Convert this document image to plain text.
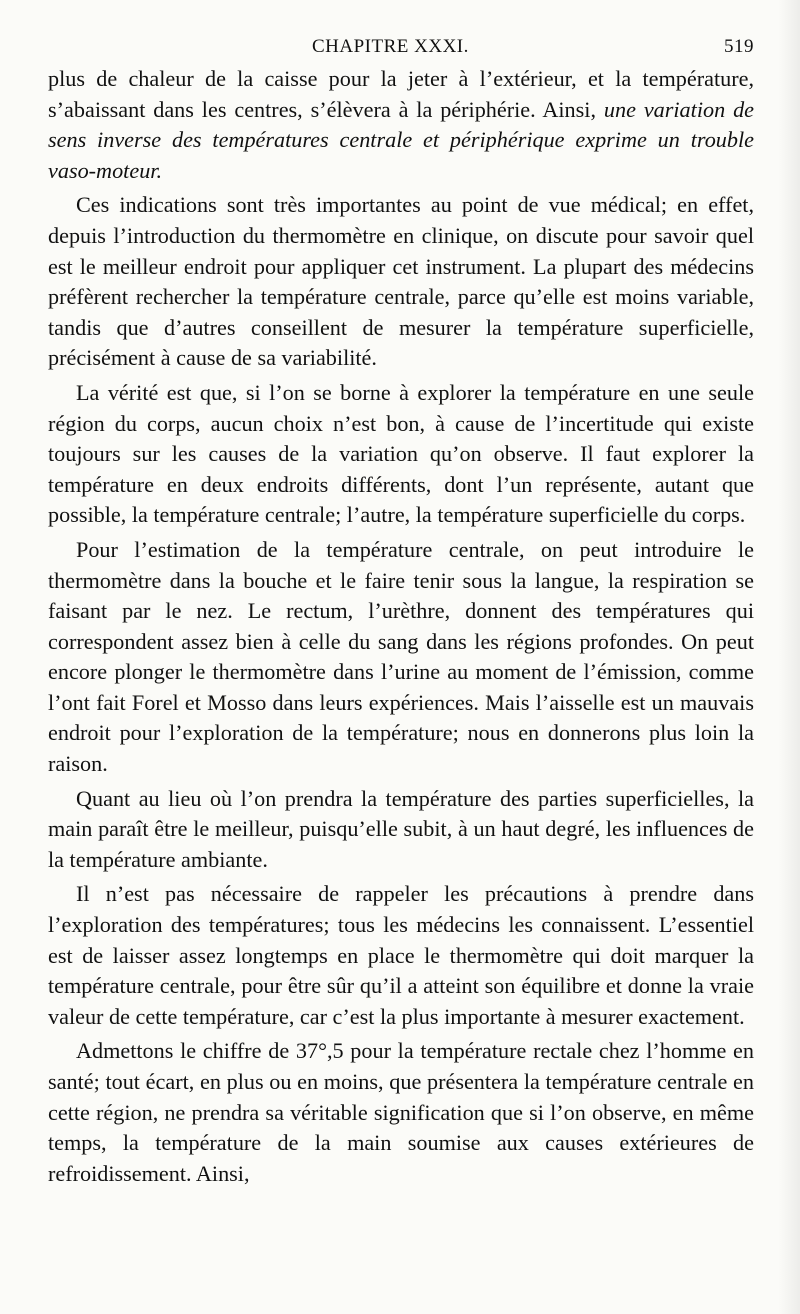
CHAPITRE XXXI.	519

plus de chaleur de la caisse pour la jeter à l’extérieur, et la température, s’abaissant dans les centres, s’élèvera à la périphérie. Ainsi, une variation de sens inverse des températures centrale et périphérique exprime un trouble vaso-moteur.

Ces indications sont très importantes au point de vue médical; en effet, depuis l’introduction du thermomètre en clinique, on discute pour savoir quel est le meilleur endroit pour appliquer cet instrument. La plupart des médecins préfèrent rechercher la température centrale, parce qu’elle est moins variable, tandis que d’autres conseillent de mesurer la température superficielle, précisément à cause de sa variabilité.

La vérité est que, si l’on se borne à explorer la température en une seule région du corps, aucun choix n’est bon, à cause de l’incertitude qui existe toujours sur les causes de la variation qu’on observe. Il faut explorer la température en deux endroits différents, dont l’un représente, autant que possible, la température centrale; l’autre, la température superficielle du corps.

Pour l’estimation de la température centrale, on peut introduire le thermomètre dans la bouche et le faire tenir sous la langue, la respiration se faisant par le nez. Le rectum, l’urèthre, donnent des températures qui correspondent assez bien à celle du sang dans les régions profondes. On peut encore plonger le thermomètre dans l’urine au moment de l’émission, comme l’ont fait Forel et Mosso dans leurs expériences. Mais l’aisselle est un mauvais endroit pour l’exploration de la température; nous en donnerons plus loin la raison.

Quant au lieu où l’on prendra la température des parties superficielles, la main paraît être le meilleur, puisqu’elle subit, à un haut degré, les influences de la température ambiante.

Il n’est pas nécessaire de rappeler les précautions à prendre dans l’exploration des températures; tous les médecins les connaissent. L’essentiel est de laisser assez longtemps en place le thermomètre qui doit marquer la température centrale, pour être sûr qu’il a atteint son équilibre et donne la vraie valeur de cette température, car c’est la plus importante à mesurer exactement.

Admettons le chiffre de 37°,5 pour la température rectale chez l’homme en santé; tout écart, en plus ou en moins, que présentera la température centrale en cette région, ne prendra sa véritable signification que si l’on observe, en même temps, la température de la main soumise aux causes extérieures de refroidissement. Ainsi,
